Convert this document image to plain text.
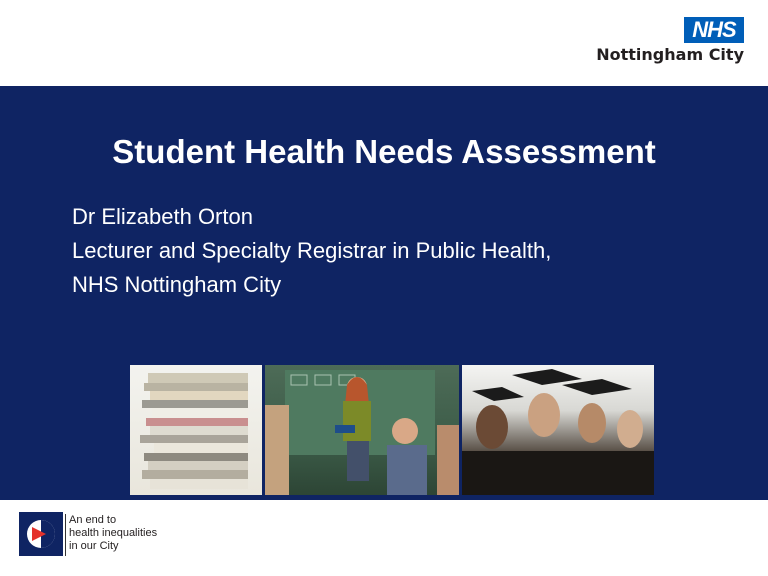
NHS
Nottingham City
Student Health Needs Assessment
Dr Elizabeth Orton
Lecturer and Specialty Registrar in Public Health,
NHS Nottingham City
An end to
health inequalities
in our City
